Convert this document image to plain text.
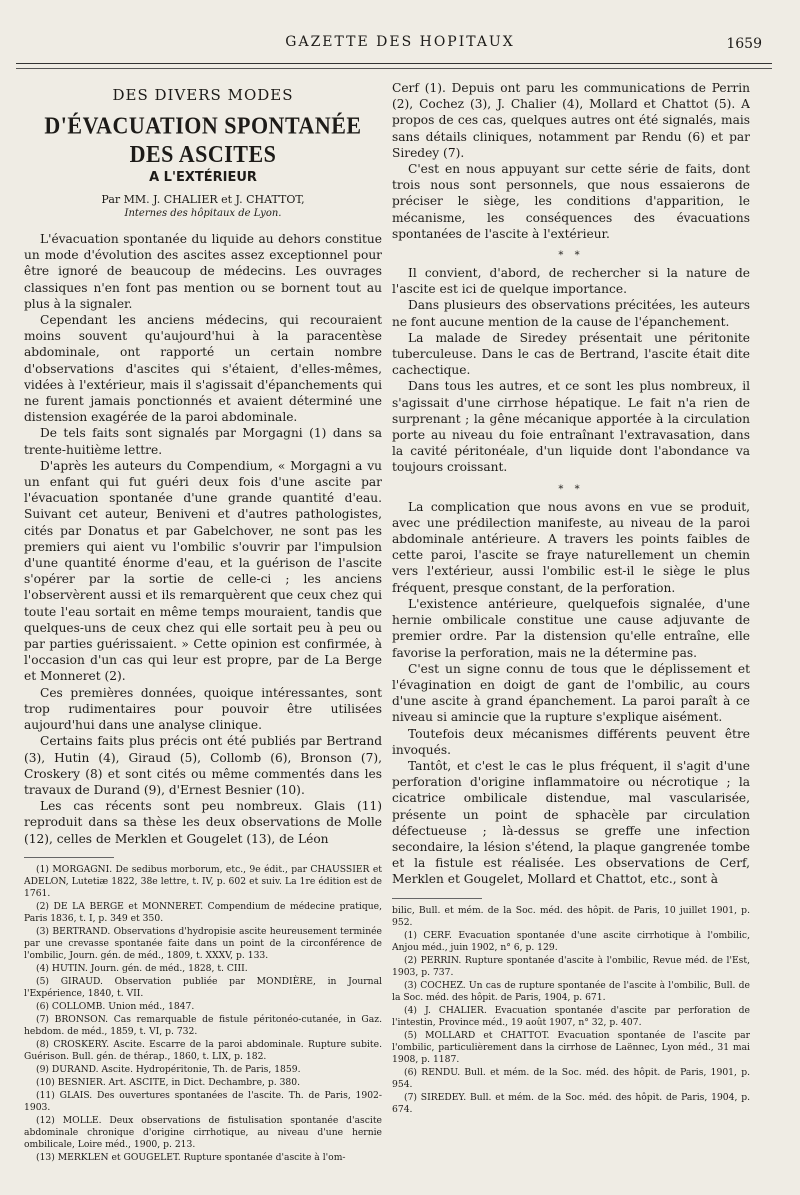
GAZETTE DES HOPITAUX	1659
DES DIVERS MODES
D'ÉVACUATION SPONTANÉE DES ASCITES
A L'EXTÉRIEUR
Par MM. J. CHALIER et J. CHATTOT,
Internes des hôpitaux de Lyon.

L'évacuation spontanée du liquide au dehors constitue un mode d'évolution des ascites assez exceptionnel pour être ignoré de beaucoup de médecins. Les ouvrages classiques n'en font pas mention ou se bornent tout au plus à la signaler.

Cependant les anciens médecins, qui recouraient moins souvent qu'aujourd'hui à la paracentèse abdominale, ont rapporté un certain nombre d'observations d'ascites qui s'étaient, d'elles-mêmes, vidées à l'extérieur, mais il s'agissait d'épanchements qui ne furent jamais ponctionnés et avaient déterminé une distension exagérée de la paroi abdominale.

De tels faits sont signalés par Morgagni (1) dans sa trente-huitième lettre.

D'après les auteurs du Compendium, « Morgagni a vu un enfant qui fut guéri deux fois d'une ascite par l'évacuation spontanée d'une grande quantité d'eau. Suivant cet auteur, Beniveni et d'autres pathologistes, cités par Donatus et par Gabelchover, ne sont pas les premiers qui aient vu l'ombilic s'ouvrir par l'impulsion d'une quantité énorme d'eau, et la guérison de l'ascite s'opérer par la sortie de celle-ci ; les anciens l'observèrent aussi et ils remarquèrent que ceux chez qui toute l'eau sortait en même temps mouraient, tandis que quelques-uns de ceux chez qui elle sortait peu à peu ou par parties guérissaient. » Cette opinion est confirmée, à l'occasion d'un cas qui leur est propre, par de La Berge et Monneret (2).

Ces premières données, quoique intéressantes, sont trop rudimentaires pour pouvoir être utilisées aujourd'hui dans une analyse clinique.

Certains faits plus précis ont été publiés par Bertrand (3), Hutin (4), Giraud (5), Collomb (6), Bronson (7), Croskery (8) et sont cités ou même commentés dans les travaux de Durand (9), d'Ernest Besnier (10).

Les cas récents sont peu nombreux. Glais (11) reproduit dans sa thèse les deux observations de Molle (12), celles de Merklen et Gougelet (13), de Léon

(1) MORGAGNI. De sedibus morborum, etc., 9e édit., par CHAUSSIER et ADELON, Lutetiæ 1822, 38e lettre, t. IV, p. 602 et suiv. La 1re édition est de 1761.

(2) DE LA BERGE et MONNERET. Compendium de médecine pratique, Paris 1836, t. I, p. 349 et 350.

(3) BERTRAND. Observations d'hydropisie ascite heureusement terminée par une crevasse spontanée faite dans un point de la circonférence de l'ombilic, Journ. gén. de méd., 1809, t. XXXV, p. 133.

(4) HUTIN. Journ. gén. de méd., 1828, t. CIII.

(5) GIRAUD. Observation publiée par MONDIÈRE, in Journal l'Expérience, 1840, t. VII.

(6) COLLOMB. Union méd., 1847.

(7) BRONSON. Cas remarquable de fistule péritonéo-cutanée, in Gaz. hebdom. de méd., 1859, t. VI, p. 732.

(8) CROSKERY. Ascite. Escarre de la paroi abdominale. Rupture subite. Guérison. Bull. gén. de thérap., 1860, t. LIX, p. 182.

(9) DURAND. Ascite. Hydropéritonie, Th. de Paris, 1859.

(10) BESNIER. Art. ASCITE, in Dict. Dechambre, p. 380.

(11) GLAIS. Des ouvertures spontanées de l'ascite. Th. de Paris, 1902-1903.

(12) MOLLE. Deux observations de fistulisation spontanée d'ascite abdominale chronique d'origine cirrhotique, au niveau d'une hernie ombilicale, Loire méd., 1900, p. 213.

(13) MERKLEN et GOUGELET. Rupture spontanée d'ascite à l'om-

Cerf (1). Depuis ont paru les communications de Perrin (2), Cochez (3), J. Chalier (4), Mollard et Chattot (5). A propos de ces cas, quelques autres ont été signalés, mais sans détails cliniques, notamment par Rendu (6) et par Siredey (7).

C'est en nous appuyant sur cette série de faits, dont trois nous sont personnels, que nous essaierons de préciser le siège, les conditions d'apparition, le mécanisme, les conséquences des évacuations spontanées de l'ascite à l'extérieur.

* *

Il convient, d'abord, de rechercher si la nature de l'ascite est ici de quelque importance.

Dans plusieurs des observations précitées, les auteurs ne font aucune mention de la cause de l'épanchement.

La malade de Siredey présentait une péritonite tuberculeuse. Dans le cas de Bertrand, l'ascite était dite cachectique.

Dans tous les autres, et ce sont les plus nombreux, il s'agissait d'une cirrhose hépatique. Le fait n'a rien de surprenant ; la gêne mécanique apportée à la circulation porte au niveau du foie entraînant l'extravasation, dans la cavité péritonéale, d'un liquide dont l'abondance va toujours croissant.

* *

La complication que nous avons en vue se produit, avec une prédilection manifeste, au niveau de la paroi abdominale antérieure. A travers les points faibles de cette paroi, l'ascite se fraye naturellement un chemin vers l'extérieur, aussi l'ombilic est-il le siège le plus fréquent, presque constant, de la perforation.

L'existence antérieure, quelquefois signalée, d'une hernie ombilicale constitue une cause adjuvante de premier ordre. Par la distension qu'elle entraîne, elle favorise la perforation, mais ne la détermine pas.

C'est un signe connu de tous que le déplissement et l'évagination en doigt de gant de l'ombilic, au cours d'une ascite à grand épanchement. La paroi paraît à ce niveau si amincie que la rupture s'explique aisément.

Toutefois deux mécanismes différents peuvent être invoqués.

Tantôt, et c'est le cas le plus fréquent, il s'agit d'une perforation d'origine inflammatoire ou nécrotique ; la cicatrice ombilicale distendue, mal vascularisée, présente un point de sphacèle par circulation défectueuse ; là-dessus se greffe une infection secondaire, la lésion s'étend, la plaque gangrenée tombe et la fistule est réalisée. Les observations de Cerf, Merklen et Gougelet, Mollard et Chattot, etc., sont à

bilic, Bull. et mém. de la Soc. méd. des hôpit. de Paris, 10 juillet 1901, p. 952.

(1) CERF. Evacuation spontanée d'une ascite cirrhotique à l'ombilic, Anjou méd., juin 1902, n° 6, p. 129.

(2) PERRIN. Rupture spontanée d'ascite à l'ombilic, Revue méd. de l'Est, 1903, p. 737.

(3) COCHEZ. Un cas de rupture spontanée de l'ascite à l'ombilic, Bull. de la Soc. méd. des hôpit. de Paris, 1904, p. 671.

(4) J. CHALIER. Evacuation spontanée d'ascite par perforation de l'intestin, Province méd., 19 août 1907, n° 32, p. 407.

(5) MOLLARD et CHATTOT. Evacuation spontanée de l'ascite par l'ombilic, particulièrement dans la cirrhose de Laënnec, Lyon méd., 31 mai 1908, p. 1187.

(6) RENDU. Bull. et mém. de la Soc. méd. des hôpit. de Paris, 1901, p. 954.

(7) SIREDEY. Bull. et mém. de la Soc. méd. des hôpit. de Paris, 1904, p. 674.
